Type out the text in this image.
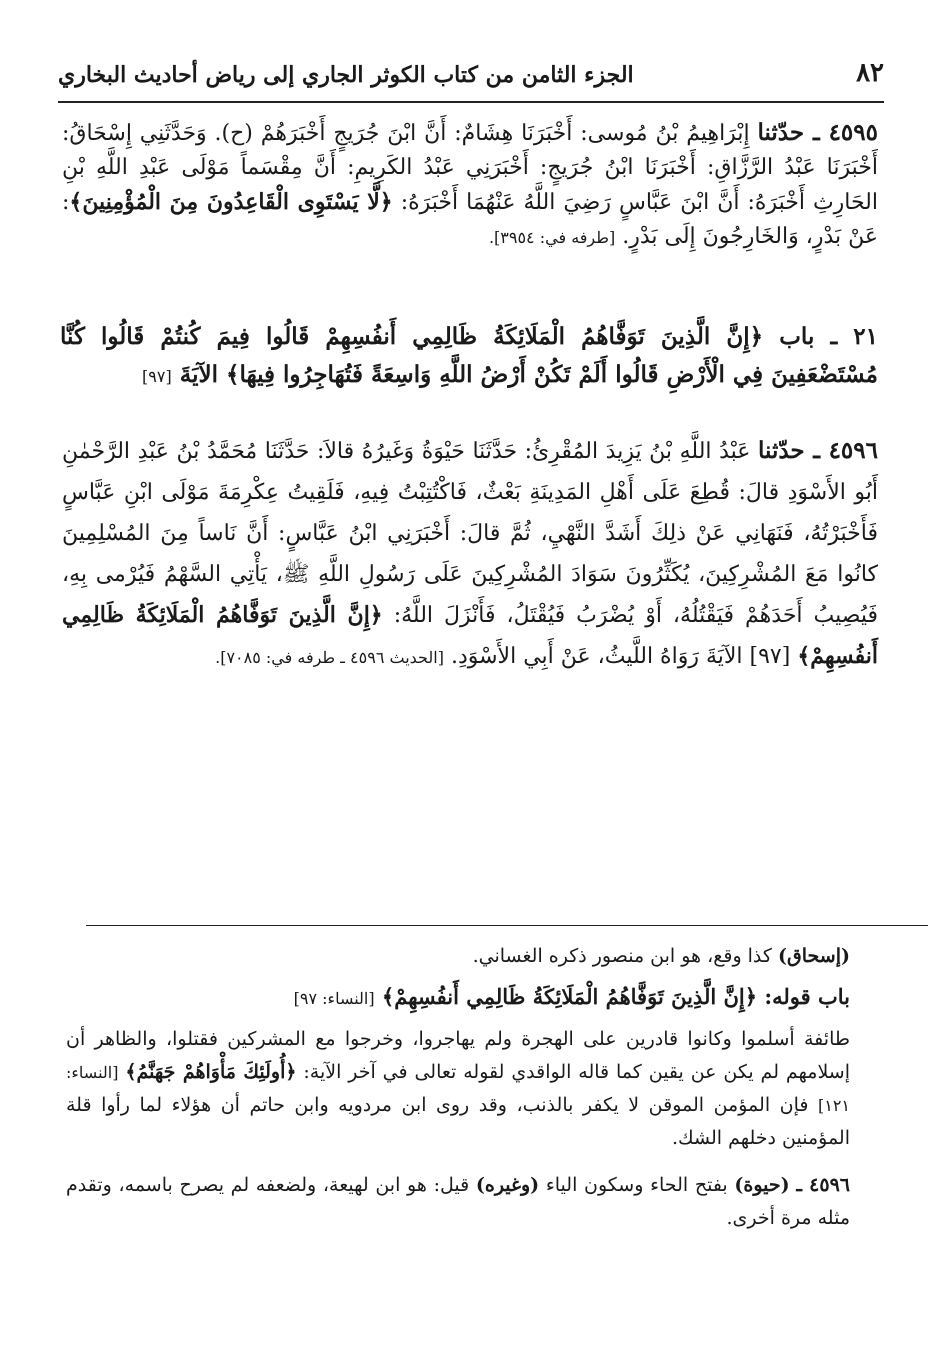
٨٢
الجزء الثامن من كتاب الكوثر الجاري إلى رياض أحاديث البخاري

٤٥٩٥ ـ حدّثنا إِبْرَاهِيمُ بْنُ مُوسى: أَخْبَرَنَا هِشَامٌ: أَنَّ ابْنَ جُرَيجٍ أَخْبَرَهُمْ (ح). وَحَدَّثَنِي إِسْحَاقُ: أَخْبَرَنَا عَبْدُ الرَّزَّاقِ: أَخْبَرَنَا ابْنُ جُرَيجٍ: أَخْبَرَنِي عَبْدُ الكَرِيمِ: أَنَّ مِقْسَماً مَوْلَى عَبْدِ اللَّهِ بْنِ الحَارِثِ أَخْبَرَهُ: أَنَّ ابْنَ عَبَّاسٍ رَضِيَ اللَّهُ عَنْهُمَا أَخْبَرَهُ: ﴿لَّا يَسْتَوِى الْقَاعِدُونَ مِنَ الْمُؤْمِنِينَ﴾: عَنْ بَدْرٍ، وَالخَارِجُونَ إِلَى بَدْرٍ. [طرفه في: ٣٩٥٤].

٢١ ـ باب ﴿إِنَّ الَّذِينَ تَوَفَّاهُمُ الْمَلَائِكَةُ ظَالِمِي أَنفُسِهِمْ قَالُوا فِيمَ كُنتُمْ قَالُوا كُنَّا مُسْتَضْعَفِينَ فِي الْأَرْضِ قَالُوا أَلَمْ تَكُنْ أَرْضُ اللَّهِ وَاسِعَةً فَتُهَاجِرُوا فِيهَا﴾ الآيَةَ [٩٧]

٤٥٩٦ ـ حدّثنا عَبْدُ اللَّهِ بْنُ يَزِيدَ المُقْرِئُ: حَدَّثَنَا حَيْوَةُ وَغَيرُهُ قالاَ: حَدَّثَنَا مُحَمَّدُ بْنُ عَبْدِ الرَّحْمٰنِ أَبُو الأَسْوَدِ قالَ: قُطِعَ عَلَى أَهْلِ المَدِينَةِ بَعْثٌ، فَاكْتُتِبْتُ فِيهِ، فَلَقِيتُ عِكْرِمَةَ مَوْلَى ابْنِ عَبَّاسٍ فَأَخْبَرْتُهُ، فَنَهَانِي عَنْ ذلِكَ أَشَدَّ النَّهْيِ، ثُمَّ قالَ: أَخْبَرَنِي ابْنُ عَبَّاسٍ: أَنَّ نَاساً مِنَ المُسْلِمِينَ كانُوا مَعَ المُشْرِكِينَ، يُكَثِّرُونَ سَوَادَ المُشْرِكِينَ عَلَى رَسُولِ اللَّهِ ﷺ، يَأْتِي السَّهْمُ فَيُرْمى بِهِ، فَيُصِيبُ أَحَدَهُمْ فَيَقْتُلُهُ، أَوْ يُضْرَبُ فَيُقْتَلُ، فَأَنْزَلَ اللَّهُ: ﴿إِنَّ الَّذِينَ تَوَفَّاهُمُ الْمَلَائِكَةُ ظَالِمِي أَنفُسِهِمْ﴾ [٩٧] الآيَةَ رَوَاهُ اللَّيثُ، عَنْ أَبِي الأَسْوَدِ. [الحديث ٤٥٩٦ ـ طرفه في: ٧٠٨٥].

(إسحاق) كذا وقع، هو ابن منصور ذكره الغساني.

باب قوله: ﴿إِنَّ الَّذِينَ تَوَفَّاهُمُ الْمَلَائِكَةُ ظَالِمِي أَنفُسِهِمْ﴾ [النساء: ٩٧]

طائفة أسلموا وكانوا قادرين على الهجرة ولم يهاجروا، وخرجوا مع المشركين فقتلوا، والظاهر أن إسلامهم لم يكن عن يقين كما قاله الواقدي لقوله تعالى في آخر الآية: ﴿أُولَئِكَ مَأْوَاهُمْ جَهَنَّمُ﴾ [النساء: ١٢١] فإن المؤمن الموقن لا يكفر بالذنب، وقد روى ابن مردويه وابن حاتم أن هؤلاء لما رأوا قلة المؤمنين دخلهم الشك.

٤٥٩٦ ـ (حيوة) بفتح الحاء وسكون الياء (وغيره) قيل: هو ابن لهيعة، ولضعفه لم يصرح باسمه، وتقدم مثله مرة أخرى.
